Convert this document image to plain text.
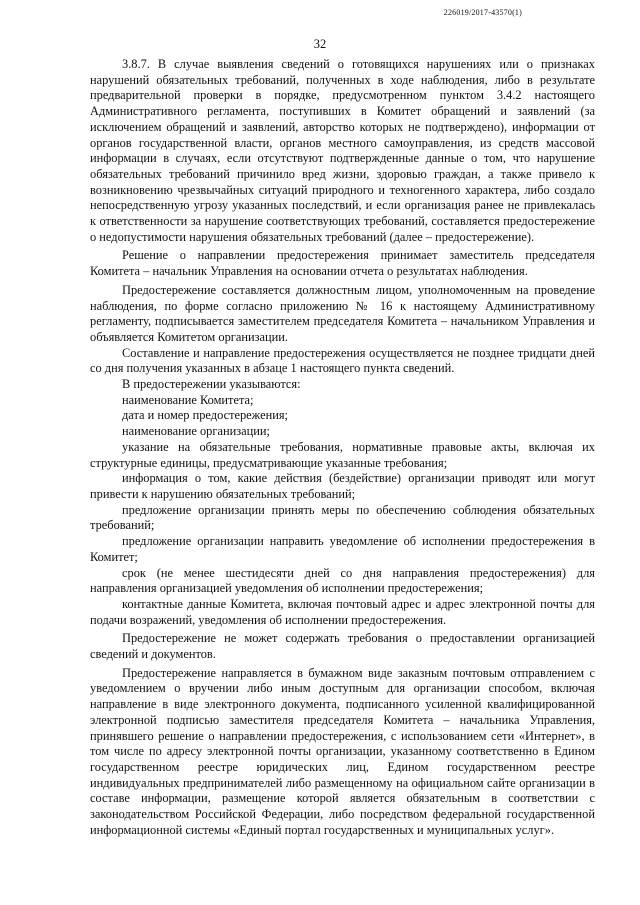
226019/2017-43570(1)
32

3.8.7. В случае выявления сведений о готовящихся нарушениях или о признаках нарушений обязательных требований, полученных в ходе наблюдения, либо в результате предварительной проверки в порядке, предусмотренном пунктом 3.4.2 настоящего Административного регламента, поступивших в Комитет обращений и заявлений (за исключением обращений и заявлений, авторство которых не подтверждено), информации от органов государственной власти, органов местного самоуправления, из средств массовой информации в случаях, если отсутствуют подтвержденные данные о том, что нарушение обязательных требований причинило вред жизни, здоровью граждан, а также привело к возникновению чрезвычайных ситуаций природного и техногенного характера, либо создало непосредственную угрозу указанных последствий, и если организация ранее не привлекалась к ответственности за нарушение соответствующих требований, составляется предостережение о недопустимости нарушения обязательных требований (далее – предостережение).

Решение о направлении предостережения принимает заместитель председателя Комитета – начальник Управления на основании отчета о результатах наблюдения.

Предостережение составляется должностным лицом, уполномоченным на проведение наблюдения, по форме согласно приложению № 16 к настоящему Административному регламенту, подписывается заместителем председателя Комитета – начальником Управления и объявляется Комитетом организации.

Составление и направление предостережения осуществляется не позднее тридцати дней со дня получения указанных в абзаце 1 настоящего пункта сведений.

В предостережении указываются:

наименование Комитета;

дата и номер предостережения;

наименование организации;

указание на обязательные требования, нормативные правовые акты, включая их структурные единицы, предусматривающие указанные требования;

информация о том, какие действия (бездействие) организации приводят или могут привести к нарушению обязательных требований;

предложение организации принять меры по обеспечению соблюдения обязательных требований;

предложение организации направить уведомление об исполнении предостережения в Комитет;

срок (не менее шестидесяти дней со дня направления предостережения) для направления организацией уведомления об исполнении предостережения;

контактные данные Комитета, включая почтовый адрес и адрес электронной почты для подачи возражений, уведомления об исполнении предостережения.

Предостережение не может содержать требования о предоставлении организацией сведений и документов.

Предостережение направляется в бумажном виде заказным почтовым отправлением с уведомлением о вручении либо иным доступным для организации способом, включая направление в виде электронного документа, подписанного усиленной квалифицированной электронной подписью заместителя председателя Комитета – начальника Управления, принявшего решение о направлении предостережения, с использованием сети «Интернет», в том числе по адресу электронной почты организации, указанному соответственно в Едином государственном реестре юридических лиц, Едином государственном реестре индивидуальных предпринимателей либо размещенному на официальном сайте организации в составе информации, размещение которой является обязательным в соответствии с законодательством Российской Федерации, либо посредством федеральной государственной информационной системы «Единый портал государственных и муниципальных услуг».
